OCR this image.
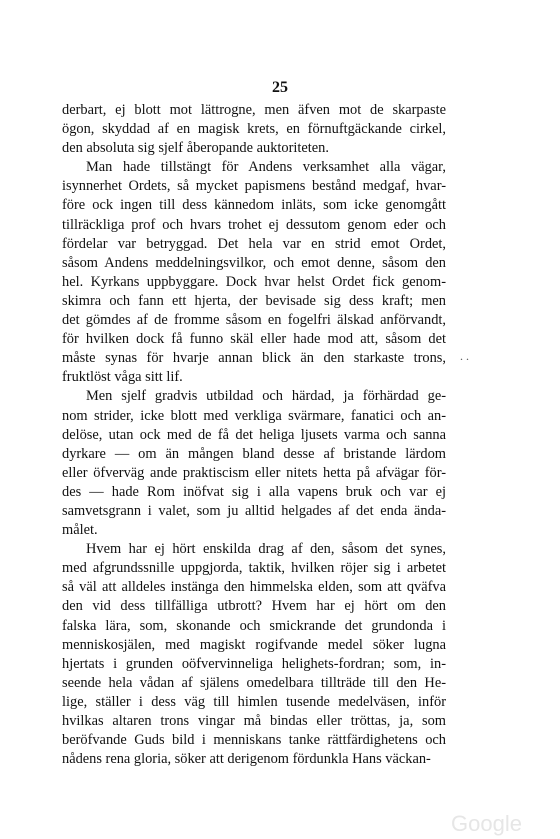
25

derbart, ej blott mot lättrogne, men äfven mot de skarpaste
ögon, skyddad af en magisk krets, en förnuftgäckande cirkel,
den absoluta sig sjelf åberopande auktoriteten.

Man hade tillstängt för Andens verksamhet alla vägar,
isynnerhet Ordets, så mycket papismens bestånd medgaf, hvar-
före ock ingen till dess kännedom inläts, som icke genomgått
tillräckliga prof och hvars trohet ej dessutom genom eder och
fördelar var betryggad. Det hela var en strid emot Ordet,
såsom Andens meddelningsvilkor, och emot denne, såsom den
hel. Kyrkans uppbyggare. Dock hvar helst Ordet fick genom-
skimra och fann ett hjerta, der bevisade sig dess kraft; men
det gömdes af de fromme såsom en fogelfri älskad anförvandt,
för hvilken dock få funno skäl eller hade mod att, såsom det
måste synas för hvarje annan blick än den starkaste trons,
fruktlöst våga sitt lif.

Men sjelf gradvis utbildad och härdad, ja förhärdad ge-
nom strider, icke blott med verkliga svärmare, fanatici och an-
delöse, utan ock med de få det heliga ljusets varma och sanna
dyrkare — om än mången bland desse af bristande lärdom
eller öfverväg ande praktiscism eller nitets hetta på afvägar för-
des — hade Rom inöfvat sig i alla vapens bruk och var ej
samvetsgrann i valet, som ju alltid helgades af det enda ända-
målet.

Hvem har ej hört enskilda drag af den, såsom det synes,
med afgrundssnille uppgjorda, taktik, hvilken röjer sig i arbetet
så väl att alldeles instänga den himmelska elden, som att qväfva
den vid dess tillfälliga utbrott? Hvem har ej hört om den
falska lära, som, skonande och smickrande det grundonda i
menniskosjälen, med magiskt rogifvande medel söker lugna
hjertats i grunden oöfvervinneliga helighets-fordran; som, in-
seende hela vådan af själens omedelbara tillträde till den He-
lige, ställer i dess väg till himlen tusende medelväsen, inför
hvilkas altaren trons vingar må bindas eller tröttas, ja, som
beröfvande Guds bild i menniskans tanke rättfärdighetens och
nådens rena gloria, söker att derigenom fördunkla Hans väckan-

. .
Google
